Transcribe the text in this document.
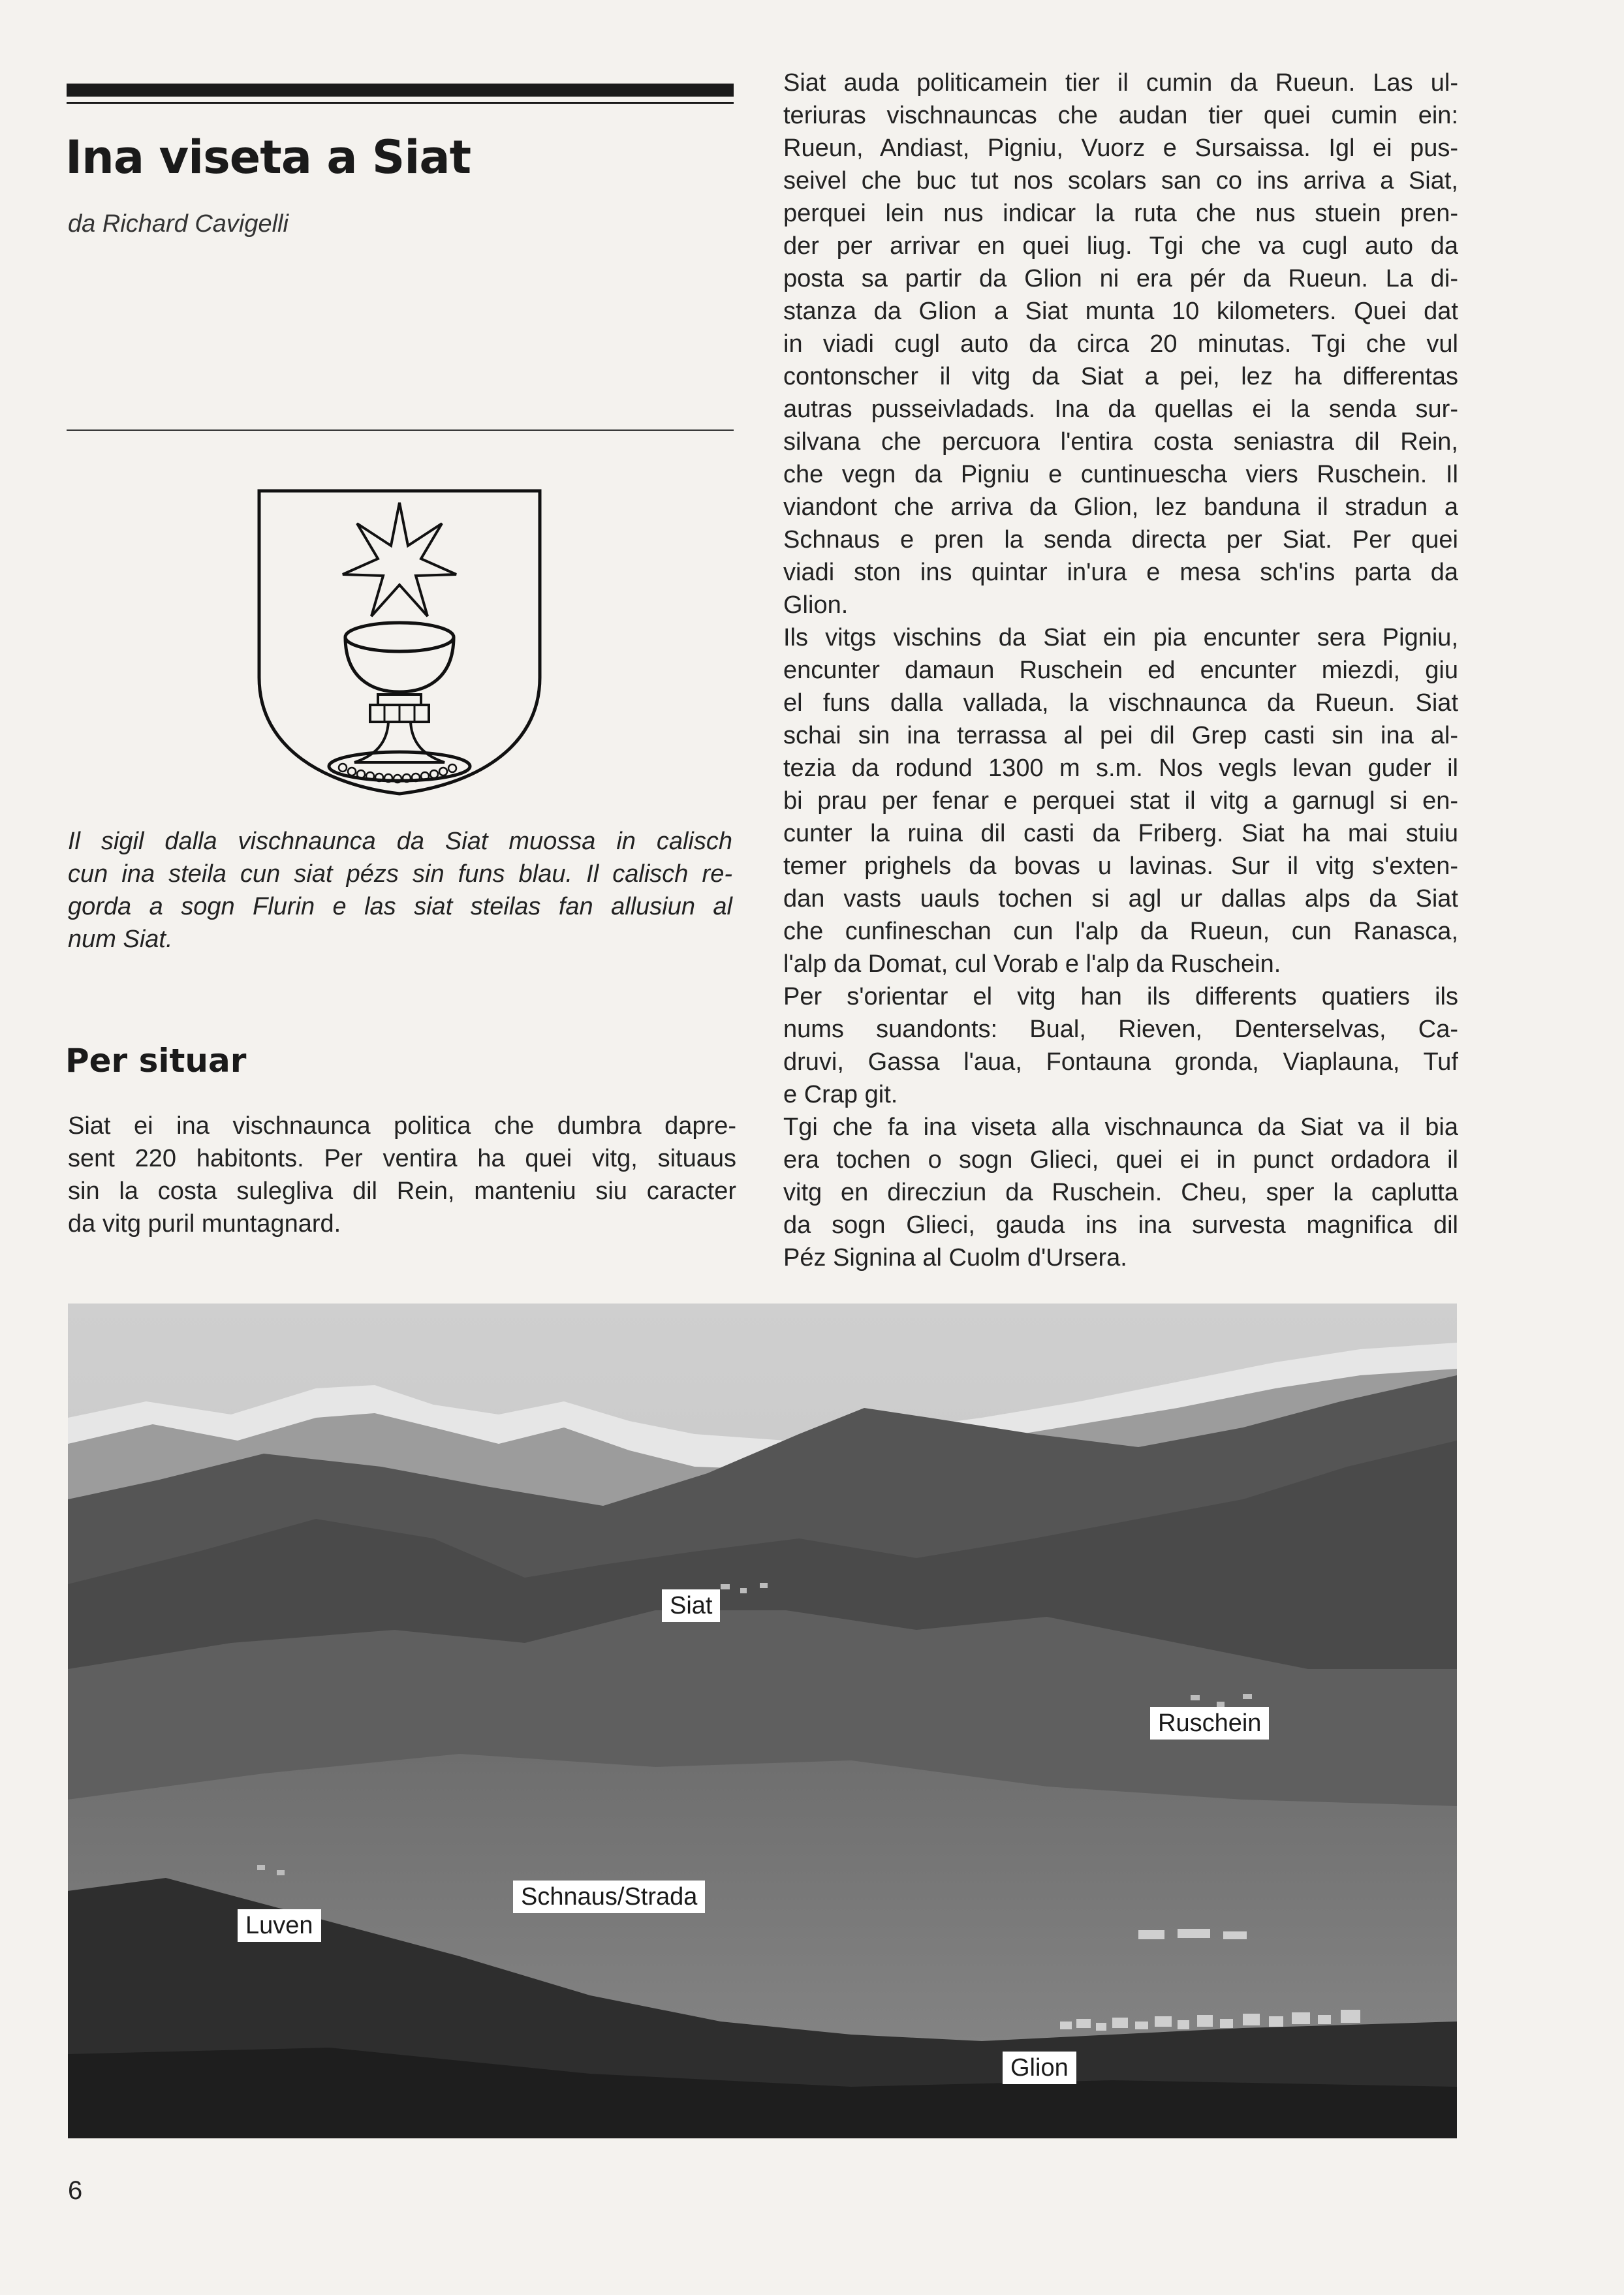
Ina viseta a Siat
da Richard Cavigelli

Il sigil dalla vischnaunca da Siat muossa in calisch
cun ina steila cun siat pézs sin funs blau. Il calisch re-
gorda a sogn Flurin e las siat steilas fan allusiun al
num Siat.

Per situar

Siat ei ina vischnaunca politica che dumbra dapre-
sent 220 habitonts. Per ventira ha quei vitg, situaus
sin la costa sulegliva dil Rein, manteniu siu caracter
da vitg puril muntagnard.

Siat auda politicamein tier il cumin da Rueun. Las ul-
teriuras vischnauncas che audan tier quei cumin ein:
Rueun, Andiast, Pigniu, Vuorz e Sursaissa. Igl ei pus-
seivel che buc tut nos scolars san co ins arriva a Siat,
perquei lein nus indicar la ruta che nus stuein pren-
der per arrivar en quei liug. Tgi che va cugl auto da
posta sa partir da Glion ni era pér da Rueun. La di-
stanza da Glion a Siat munta 10 kilometers. Quei dat
in viadi cugl auto da circa 20 minutas. Tgi che vul
contonscher il vitg da Siat a pei, lez ha differentas
autras pusseivladads. Ina da quellas ei la senda sur-
silvana che percuora l'entira costa seniastra dil Rein,
che vegn da Pigniu e cuntinuescha viers Ruschein. Il
viandont che arriva da Glion, lez banduna il stradun a
Schnaus e pren la senda directa per Siat. Per quei
viadi ston ins quintar in'ura e mesa sch'ins parta da
Glion.
Ils vitgs vischins da Siat ein pia encunter sera Pigniu,
encunter damaun Ruschein ed encunter miezdi, giu
el funs dalla vallada, la vischnaunca da Rueun. Siat
schai sin ina terrassa al pei dil Grep casti sin ina al-
tezia da rodund 1300 m s.m. Nos vegls levan guder il
bi prau per fenar e perquei stat il vitg a garnugl si en-
cunter la ruina dil casti da Friberg. Siat ha mai stuiu
temer prighels da bovas u lavinas. Sur il vitg s'exten-
dan vasts uauls tochen si agl ur dallas alps da Siat
che cunfineschan cun l'alp da Rueun, cun Ranasca,
l'alp da Domat, cul Vorab e l'alp da Ruschein.
Per s'orientar el vitg han ils differents quatiers ils
nums suandonts: Bual, Rieven, Denterselvas, Ca-
druvi, Gassa l'aua, Fontauna gronda, Viaplauna, Tuf
e Crap git.
Tgi che fa ina viseta alla vischnaunca da Siat va il bia
era tochen o sogn Glieci, quei ei in punct ordadora il
vitg en direcziun da Ruschein. Cheu, sper la caplutta
da sogn Glieci, gauda ins ina survesta magnifica dil
Péz Signina al Cuolm d'Ursera.
Siat
Ruschein
Schnaus/Strada
Luven
Glion
6
